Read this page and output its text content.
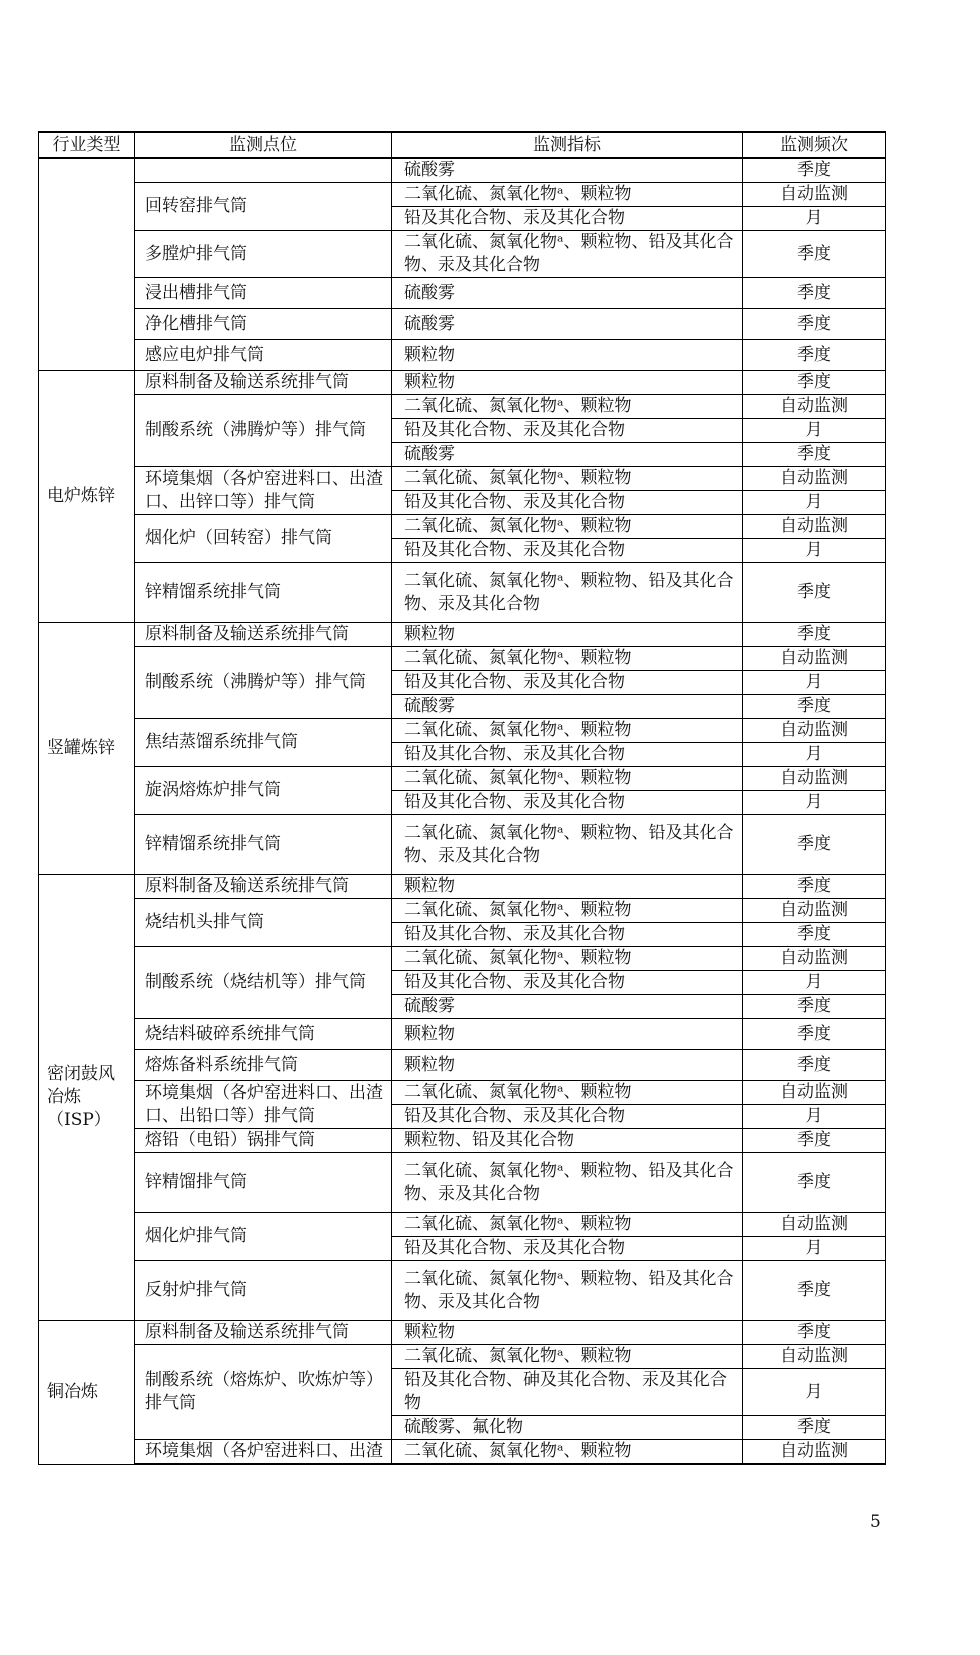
行业类型	监测点位	监测指标	监测频次
		硫酸雾	季度
	回转窑排气筒	二氧化硫、氮氧化物ᵃ、颗粒物	自动监测
		铅及其化合物、汞及其化合物	月
	多膛炉排气筒	二氧化硫、氮氧化物ᵃ、颗粒物、铅及其化合物、汞及其化合物	季度
	浸出槽排气筒	硫酸雾	季度
	净化槽排气筒	硫酸雾	季度
	感应电炉排气筒	颗粒物	季度
电炉炼锌	原料制备及输送系统排气筒	颗粒物	季度
	制酸系统（沸腾炉等）排气筒	二氧化硫、氮氧化物ᵃ、颗粒物	自动监测
		铅及其化合物、汞及其化合物	月
		硫酸雾	季度
	环境集烟（各炉窑进料口、出渣口、出锌口等）排气筒	二氧化硫、氮氧化物ᵃ、颗粒物	自动监测
		铅及其化合物、汞及其化合物	月
	烟化炉（回转窑）排气筒	二氧化硫、氮氧化物ᵃ、颗粒物	自动监测
		铅及其化合物、汞及其化合物	月
	锌精馏系统排气筒	二氧化硫、氮氧化物ᵃ、颗粒物、铅及其化合物、汞及其化合物	季度
竖罐炼锌	原料制备及输送系统排气筒	颗粒物	季度
	制酸系统（沸腾炉等）排气筒	二氧化硫、氮氧化物ᵃ、颗粒物	自动监测
		铅及其化合物、汞及其化合物	月
		硫酸雾	季度
	焦结蒸馏系统排气筒	二氧化硫、氮氧化物ᵃ、颗粒物	自动监测
		铅及其化合物、汞及其化合物	月
	旋涡熔炼炉排气筒	二氧化硫、氮氧化物ᵃ、颗粒物	自动监测
		铅及其化合物、汞及其化合物	月
	锌精馏系统排气筒	二氧化硫、氮氧化物ᵃ、颗粒物、铅及其化合物、汞及其化合物	季度
密闭鼓风冶炼（ISP）	原料制备及输送系统排气筒	颗粒物	季度
	烧结机头排气筒	二氧化硫、氮氧化物ᵃ、颗粒物	自动监测
		铅及其化合物、汞及其化合物	季度
	制酸系统（烧结机等）排气筒	二氧化硫、氮氧化物ᵃ、颗粒物	自动监测
		铅及其化合物、汞及其化合物	月
		硫酸雾	季度
	烧结料破碎系统排气筒	颗粒物	季度
	熔炼备料系统排气筒	颗粒物	季度
	环境集烟（各炉窑进料口、出渣口、出铅口等）排气筒	二氧化硫、氮氧化物ᵃ、颗粒物	自动监测
		铅及其化合物、汞及其化合物	月
	熔铅（电铅）锅排气筒	颗粒物、铅及其化合物	季度
	锌精馏排气筒	二氧化硫、氮氧化物ᵃ、颗粒物、铅及其化合物、汞及其化合物	季度
	烟化炉排气筒	二氧化硫、氮氧化物ᵃ、颗粒物	自动监测
		铅及其化合物、汞及其化合物	月
	反射炉排气筒	二氧化硫、氮氧化物ᵃ、颗粒物、铅及其化合物、汞及其化合物	季度
铜冶炼	原料制备及输送系统排气筒	颗粒物	季度
	制酸系统（熔炼炉、吹炼炉等）排气筒	二氧化硫、氮氧化物ᵃ、颗粒物	自动监测
		铅及其化合物、砷及其化合物、汞及其化合物	月
		硫酸雾、氟化物	季度
	环境集烟（各炉窑进料口、出渣	二氧化硫、氮氧化物ᵃ、颗粒物	自动监测
5
